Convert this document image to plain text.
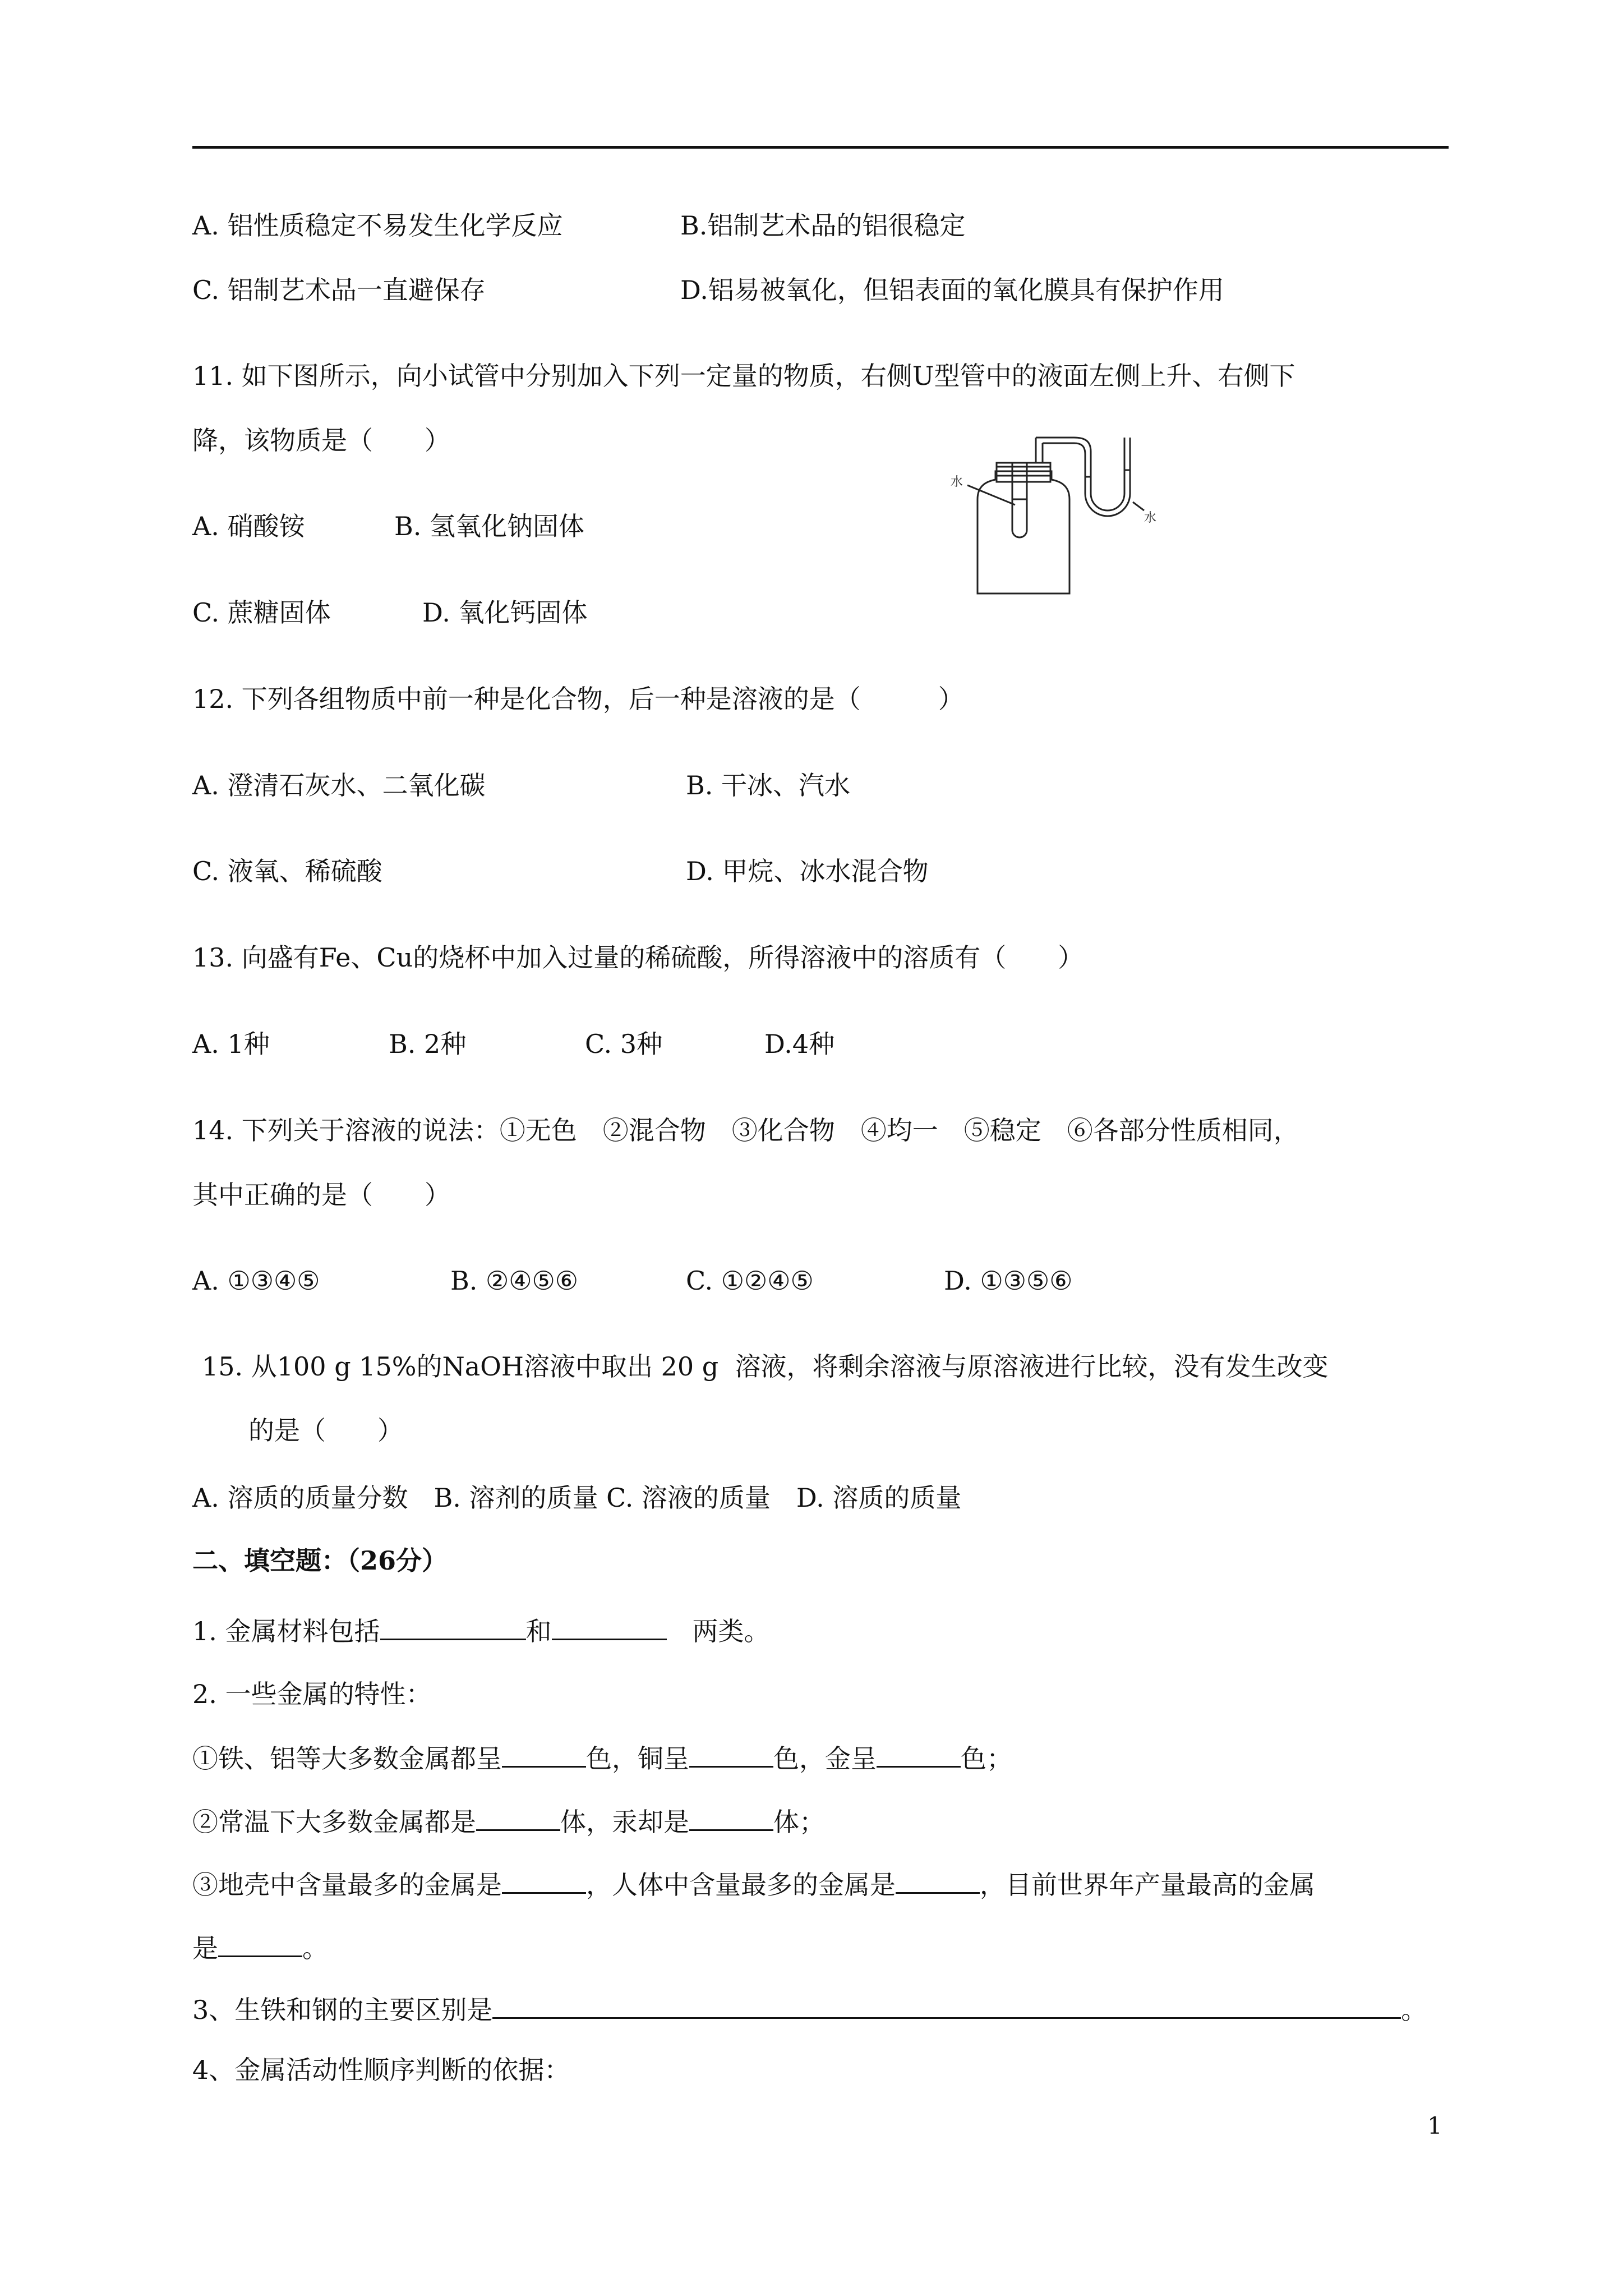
A. 铝性质稳定不易发生化学反应	B.铝制艺术品的铝很稳定
C. 铝制艺术品一直避保存	D.铝易被氧化，但铝表面的氧化膜具有保护作用
11. 如下图所示，向小试管中分别加入下列一定量的物质，右侧U型管中的液面左侧上升、右侧下
降，该物质是（　　）
A. 硝酸铵	B. 氢氧化钠固体
C. 蔗糖固体	D. 氧化钙固体
水
水
12. 下列各组物质中前一种是化合物，后一种是溶液的是（　　　）
A. 澄清石灰水、二氧化碳	B. 干冰、汽水
C. 液氧、稀硫酸	D. 甲烷、冰水混合物
13. 向盛有Fe、Cu的烧杯中加入过量的稀硫酸，所得溶液中的溶质有（　　）
A. 1种	B. 2种	C. 3种	D.4种
14. 下列关于溶液的说法：①无色　②混合物　③化合物　④均一　⑤稳定　⑥各部分性质相同，
其中正确的是（　　）
A. ①③④⑤	B. ②④⑤⑥	C. ①②④⑤	D. ①③⑤⑥
15. 从100 g 15%的NaOH溶液中取出 20 g  溶液，将剩余溶液与原溶液进行比较，没有发生改变
的是（　　）
A. 溶质的质量分数　B. 溶剂的质量 C. 溶液的质量　D. 溶质的质量
二、填空题：（26分）
1. 金属材料包括	和	　两类。
2. 一些金属的特性：
①铁、铝等大多数金属都呈	色，铜呈	色，金呈	色；
②常温下大多数金属都是	体，汞却是	体；
③地壳中含量最多的金属是	，人体中含量最多的金属是	，目前世界年产量最高的金属
是	。
3、生铁和钢的主要区别是	。
4、金属活动性顺序判断的依据：
1
